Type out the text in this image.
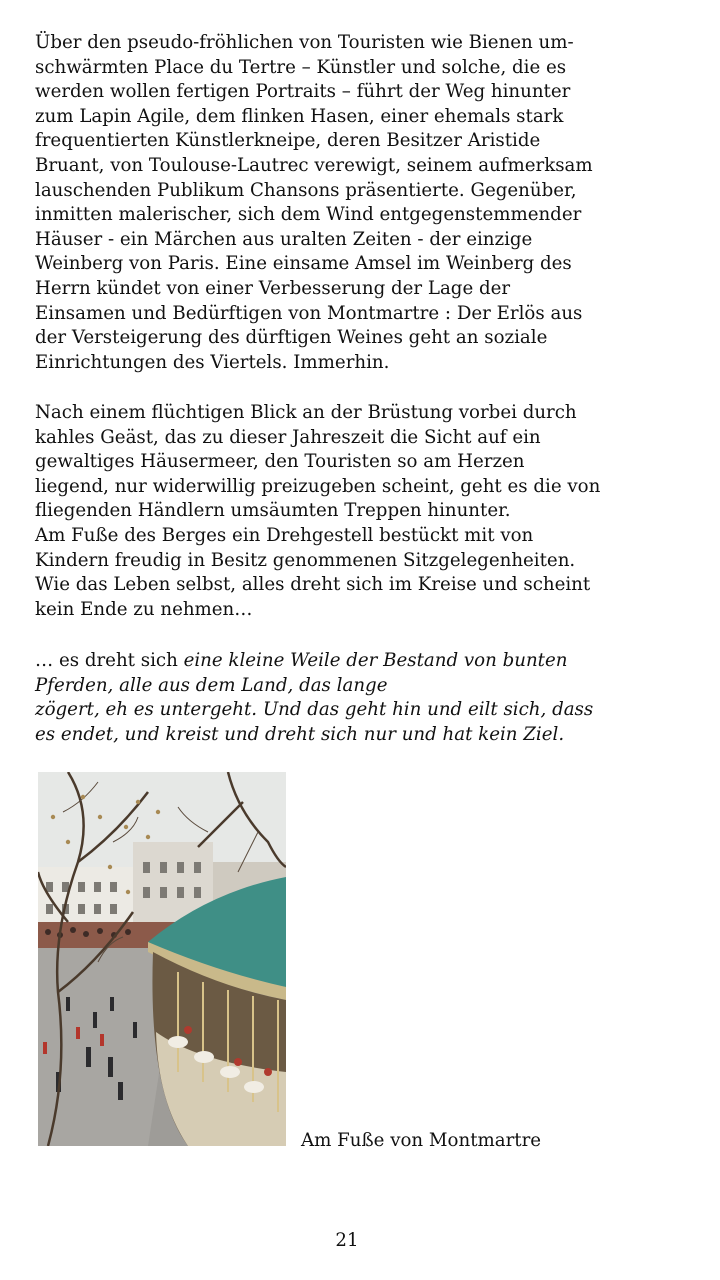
Über den pseudo-fröhlichen von Touristen wie Bienen um-
schwärmten Place du Tertre – Künstler und solche, die es
werden wollen fertigen Portraits – führt der Weg hinunter
zum Lapin Agile, dem flinken Hasen, einer ehemals stark
frequentierten Künstlerkneipe, deren Besitzer Aristide
Bruant, von Toulouse-Lautrec verewigt, seinem aufmerksam
lauschenden Publikum Chansons präsentierte. Gegenüber,
inmitten malerischer, sich dem Wind entgegenstemmender
Häuser - ein Märchen aus uralten Zeiten - der einzige
Weinberg von Paris. Eine einsame Amsel im Weinberg des
Herrn kündet von einer Verbesserung der Lage der
Einsamen und Bedürftigen von Montmartre : Der Erlös aus
der Versteigerung des dürftigen Weines geht an soziale
Einrichtungen des Viertels. Immerhin.

Nach einem flüchtigen Blick an der Brüstung vorbei durch
kahles Geäst, das zu dieser Jahreszeit die Sicht auf ein
gewaltiges Häusermeer, den Touristen so am Herzen
liegend, nur widerwillig preizugeben scheint, geht es die von
fliegenden Händlern umsäumten Treppen hinunter.
Am Fuße des Berges ein Drehgestell bestückt mit von
Kindern freudig in Besitz genommenen Sitzgelegenheiten.
Wie das Leben selbst, alles dreht sich im Kreise und scheint
kein Ende zu nehmen…

… es dreht sich eine kleine Weile der Bestand von bunten
Pferden, alle aus dem Land, das lange
zögert, eh es untergeht. Und das geht hin und eilt sich, dass
es endet, und kreist und dreht sich nur und hat kein Ziel.

Am Fuße von Montmartre
21
